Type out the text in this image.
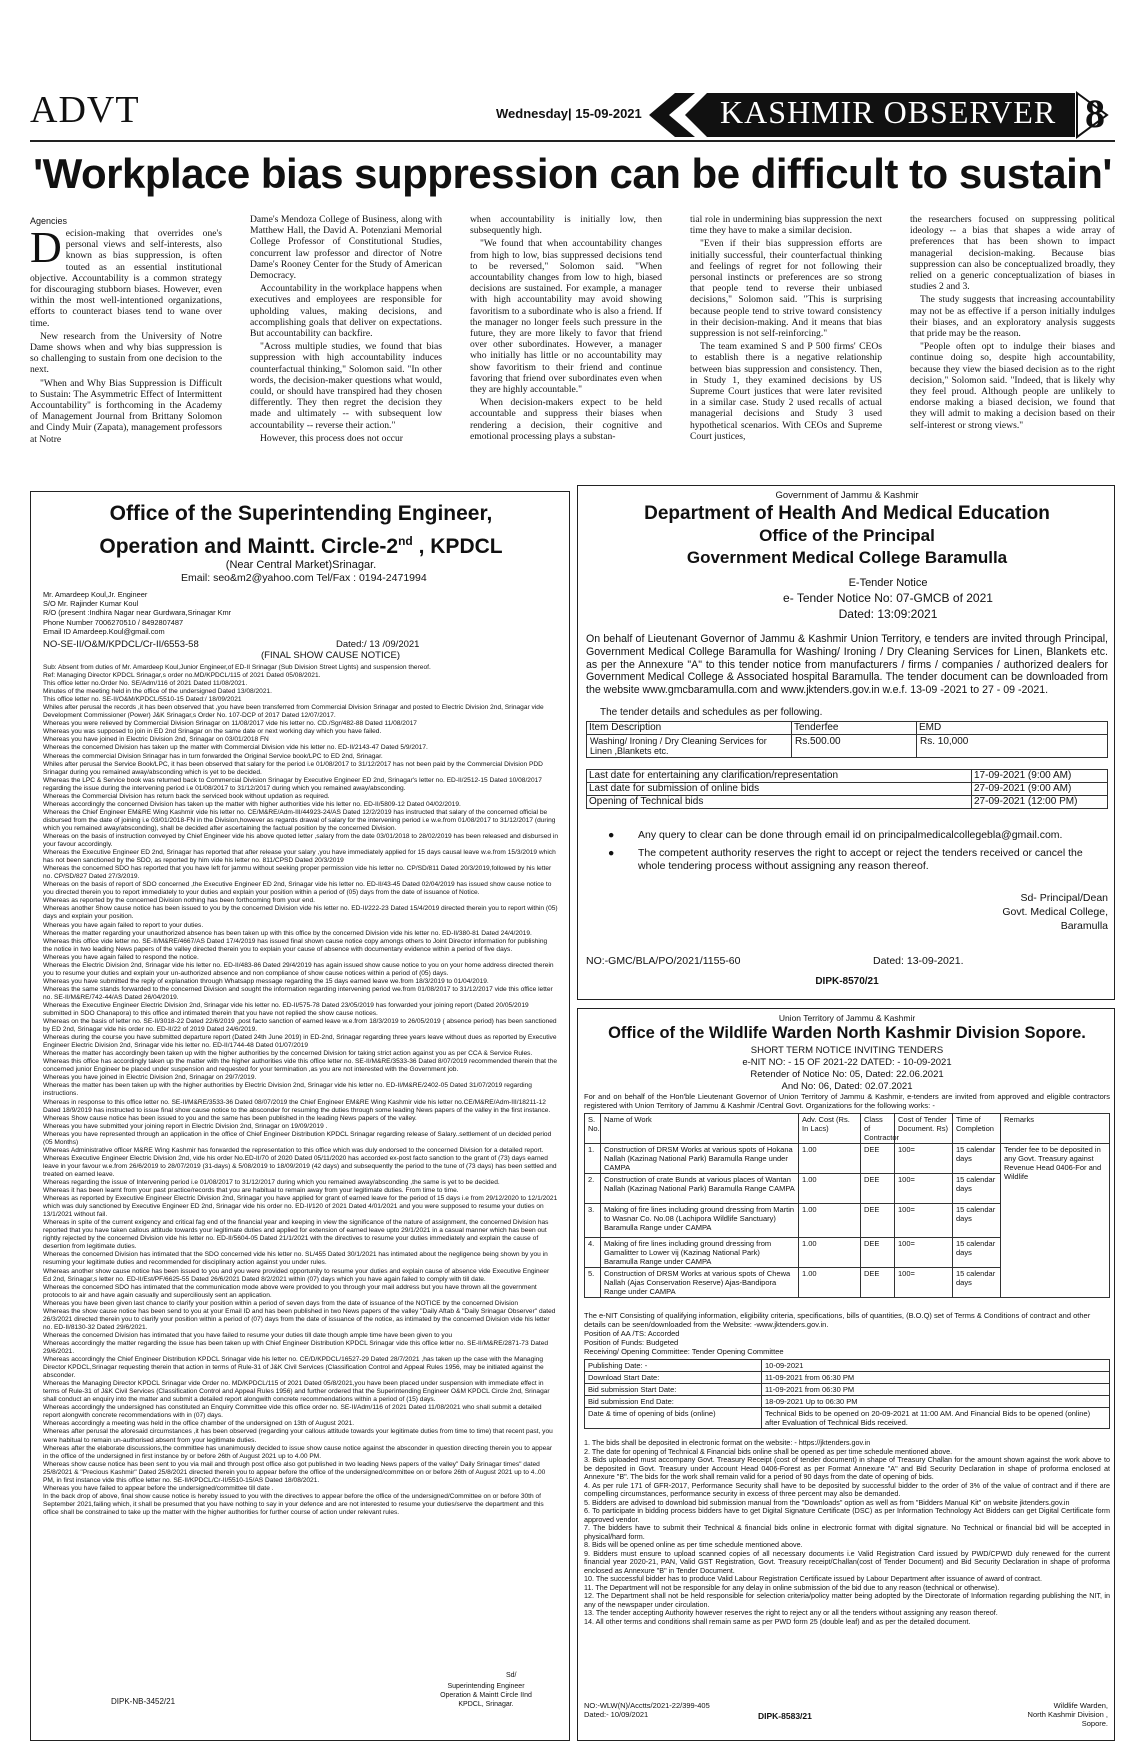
ADVT	Wednesday| 15-09-2021 KASHMIR OBSERVER 8
'Workplace bias suppression can be difficult to sustain'
Agencies
D ecision-making that overrides one's personal views and self-interests, also known as bias suppression, is often touted as an essential institutional objective. Accountability is a common strategy for discouraging stubborn biases. However, even within the most well-intentioned organizations, efforts to counteract biases tend to wane over time.

New research from the University of Notre Dame shows when and why bias suppression is so challenging to sustain from one decision to the next.

"When and Why Bias Suppression is Difficult to Sustain: The Asymmetric Effect of Intermittent Accountability" is forthcoming in the Academy of Management Journal from Brittany Solomon and Cindy Muir (Zapata), management professors at Notre

Dame's Mendoza College of Business, along with Matthew Hall, the David A. Potenziani Memorial College Professor of Constitutional Studies, concurrent law professor and director of Notre Dame's Rooney Center for the Study of American Democracy.

Accountability in the workplace happens when executives and employees are responsible for upholding values, making decisions, and accomplishing goals that deliver on expectations. But accountability can backfire.

"Across multiple studies, we found that bias suppression with high accountability induces counterfactual thinking," Solomon said. "In other words, the decision-maker questions what would, could, or should have transpired had they chosen differently. They then regret the decision they made and ultimately -- with subsequent low accountability -- reverse their action."

However, this process does not occur

when accountability is initially low, then subsequently high.

"We found that when accountability changes from high to low, bias suppressed decisions tend to be reversed," Solomon said. "When accountability changes from low to high, biased decisions are sustained. For example, a manager with high accountability may avoid showing favoritism to a subordinate who is also a friend. If the manager no longer feels such pressure in the future, they are more likely to favor that friend over other subordinates. However, a manager who initially has little or no accountability may show favoritism to their friend and continue favoring that friend over subordinates even when they are highly accountable."

When decision-makers expect to be held accountable and suppress their biases when rendering a decision, their cognitive and emotional processing plays a substan-

tial role in undermining bias suppression the next time they have to make a similar decision.

"Even if their bias suppression efforts are initially successful, their counterfactual thinking and feelings of regret for not following their personal instincts or preferences are so strong that people tend to reverse their unbiased decisions," Solomon said. "This is surprising because people tend to strive toward consistency in their decision-making. And it means that bias suppression is not self-reinforcing."

The team examined S and P 500 firms' CEOs to establish there is a negative relationship between bias suppression and consistency. Then, in Study 1, they examined decisions by US Supreme Court justices that were later revisited in a similar case. Study 2 used recalls of actual managerial decisions and Study 3 used hypothetical scenarios. With CEOs and Supreme Court justices,

the researchers focused on suppressing political ideology -- a bias that shapes a wide array of preferences that has been shown to impact managerial decision-making. Because bias suppression can also be conceptualized broadly, they relied on a generic conceptualization of biases in studies 2 and 3.

The study suggests that increasing accountability may not be as effective if a person initially indulges their biases, and an exploratory analysis suggests that pride may be the reason.

"People often opt to indulge their biases and continue doing so, despite high accountability, because they view the biased decision as to the right decision," Solomon said. "Indeed, that is likely why they feel proud. Although people are unlikely to endorse making a biased decision, we found that they will admit to making a decision based on their self-interest or strong views."

Office of the Superintending Engineer,
Operation and Maintt. Circle-2nd , KPDCL
(Near Central Market)Srinagar.
Email: seo&m2@yahoo.com Tel/Fax : 0194-2471994
Mr. Amardeep Koul,Jr. Engineer
S/O Mr. Rajinder Kumar Koul
R/O (present :Indhira Nagar near Gurdwara,Srinagar Kmr
Phone Number 7006270510 / 8492807487
Email ID Amardeep.Koul@gmail.com
NO-SE-II/O&M/KPDCL/Cr-II/6553-58	Dated:/ 13 /09/2021
(FINAL SHOW CAUSE NOTICE)

Sub: Absent from duties of Mr. Amardeep Koul,Junior Engineer,of ED-II Srinagar (Sub Division Street Lights) and suspension thereof.

Ref: Managing Director KPDCL Srinagar,s order no.MD/KPDCL/115 of 2021 Dated 05/08/2021.

This office letter no.Order No. SE/Adm/116 of 2021 Dated 11/08/2021.

Minutes of the meeting held in the office of the undersigned Dated 13/08/2021.

This office letter no. SE-II/O&M/KPDCL/5510-15 Dated:/ 18/09/2021

Whiles after perusal the records ,it has been observed that ,you have been transferred from Commercial Division Srinagar and posted to Electric Division 2nd, Srinagar vide Development Commissioner (Power) J&K Srinagar,s Order No. 107-DCP of 2017 Dated 12/07/2017.

Whereas you were relieved by Commercial Division Srinagar on 11/08/2017 vide his letter no. CD./Sgr/482-88 Dated 11/08/2017

Whereas you was supposed to join in ED 2nd Srinagar on the same date or next working day which you have failed.

Whereas you have joined in Electric Division 2nd, Srinagar on 03/01/2018 FN

Whereas the concerned Division has taken up the matter with Commercial Division vide his letter no. ED-II/2143-47 Dated 5/9/2017.

Whereas the commercial Division Srinagar has in turn forwarded the Original Service book/LPC to ED 2nd, Srinagar.

Whiles after perusal the Service Book/LPC, it has been observed that salary for the period i.e 01/08/2017 to 31/12/2017 has not been paid by the Commercial Division PDD Srinagar during you remained away/absconding which is yet to be decided.

Whereas the LPC & Service book was returned back to Commercial Division Srinagar by Executive Engineer ED 2nd, Srinagar's letter no. ED-II/2512-15 Dated 10/08/2017 regarding the issue during the intervening period i.e 01/08/2017 to 31/12/2017 during which you remained away/absconding.

Whereas the Commercial Division has return back the serviced book without updation as required.

Whereas accordingly the concerned Division has taken up the matter with higher authorities vide his letter no. ED-II/5809-12 Dated 04/02/2019.

Whereas the Chief Engineer EM&RE Wing Kashmir vide his letter no. CE/M&RE/Adm-III/44923-24/AS Dated 12/2/2019 has instructed that salary of the concerned official be disbursed from the date of joining i.e 03/01/2018-FN in the Division,however as regards drawal of salary for the intervening period i.e w.e.from 01/08/2017 to 31/12/2017 (during which you remained away/absconding), shall be decided after ascertaining the factual position by the concerned Division.

Whereas on the basis of instruction conveyed by Chief Engineer vide his above quoted letter ,salary from the date 03/01/2018 to 28/02/2019 has been released and disbursed in your favour accordingly.

Whereas the Executive Engineer ED 2nd, Srinagar has reported that after release your salary ,you have immediately applied for 15 days causal leave w.e.from 15/3/2019 which has not been sanctioned by the SDO, as reported by him vide his letter no. 811/CPSD Dated 20/3/2019

Whereas the concerned SDO has reported that you have left for jammu without seeking proper permission vide his letter no. CP/SD/811 Dated 20/3/2019,followed by his letter no. CP/SD/827 Dated 27/3/2019.

Whereas on the basis of report of SDO concerned ,the Executive Engineer ED 2nd, Srinagar vide his letter no. ED-II/43-45 Dated 02/04/2019 has issued show cause notice to you directed therein you to report immediately to your duties and explain your position within a period of (05) days from the date of issuance of Notice.

Whereas as reported by the concerned Division nothing has been forthcoming from your end.

Whereas another Show cause notice has been issued to you by the concerned Division vide his letter no. ED-II/222-23 Dated 15/4/2019 directed therein you to report within (05) days and explain your position.

Whereas you have again failed to report to your duties.

Whereas the matter regarding your unauthorized absence has been taken up with this office by the concerned Division vide his letter no. ED-II/380-81 Dated 24/4/2019.

Whereas this office vide letter no. SE-II/M&RE/4667/AS Dated 17/4/2019 has issued final shown cause notice copy amongs others to Joint Director information for publishing the notice in two leading News papers of the valley directed therein you to explain your cause of absence with documentary evidence within a period of five days.

Whereas you have again failed to respond the notice.

Whereas the Electric Division 2nd, Srinagar vide his letter no. ED-II/483-86 Dated 29/4/2019 has again issued show cause notice to you on your home address directed therein you to resume your duties and explain your un-authorized absence and non compliance of show cause notices within a period of (05) days.

Whereas you have submitted the reply of explanation through Whatsapp message regarding the 15 days earned leave we.from 18/3/2019 to 01/04/2019.

Whereas the same stands forwarded to the concerned Division and sought the information regarding intervening period we.from 01/08/2017 to 31/12/2017 vide this office letter no. SE-II/M&RE/742-44/AS Dated 26/04/2019.

Whereas the Executive Engineer Electric Division 2nd, Srinagar vide his letter no. ED-II/575-78 Dated 23/05/2019 has forwarded your joining report (Dated 20/05/2019 submitted in SDO Chanapora) to this office and intimated therein that you have not replied the show cause notices.

Whereas on the basis of letter no. SE-II/3018-22 Dated 22/6/2019 ,post facto sanction of earned leave w.e.from 18/3/2019 to 26/05/2019 ( absence period) has been sanctioned by ED 2nd, Srinagar vide his order no. ED-II/22 of 2019 Dated 24/6/2019.

Whereas during the course you have submitted departure report (Dated 24th June 2019) in ED-2nd, Srinagar regarding three years leave without dues as reported by Executive Engineer Electric Division 2nd, Srinagar vide his letter no. ED-II/1744-48 Dated 01/07/2019

Whereas the matter has accordingly been taken up with the higher authorities by the concerned Division for taking strict action against you as per CCA & Service Rules.

Whereas this office has accordingly taken up the matter with the higher authorities vide this office letter no. SE-II/M&RE/3533-36 Dated 8/07/2019 recommended therein that the concerned junior Engineer be placed under suspension and requested for your termination ,as you are not interested with the Government job.

Whereas you have joined in Electric Division 2nd, Srinagar on 29/7/2019.

Whereas the matter has been taken up with the higher authorities by Electric Division 2nd, Srinagar vide his letter no. ED-II/M&RE/2402-05 Dated 31/07/2019 regarding instructions.

Whereas in response to this office letter no. SE-II/M&RE/3533-36 Dated 08/07/2019 the Chief Engineer EM&RE Wing Kashmir vide his letter no.CE/M&RE/Adm-III/18211-12 Dated 18/9/2019 has instructed to issue final show cause notice to the absconder for resuming the duties through some leading News papers of the valley in the first instance.

Whereas Show cause notice has been issued to you and the same has been published in the leading News papers of the valley.

Whereas you have submitted your joining report in Electric Division 2nd, Srinagar on 19/09/2019 .

Whereas you have represented through an application in the office of Chief Engineer Distribution KPDCL Srinagar regarding release of Salary..settlement of un decided period (05 Months)

Whereas Administrative officer M&RE Wing Kashmir has forwarded the representation to this office which was duly endorsed to the concerned Division for a detailed report.

Whereas Executive Engineer Electric Division 2nd, vide his order No.ED-II/70 of 2020 Dated 05/11/2020 has accorded ex-post facto sanction to the grant of (73) days earned leave in your favour w.e.from 26/6/2019 to 28/07/2019 (31-days) & 5/08/2019 to 18/09/2019 (42 days) and subsequently the period to the tune of (73 days) has been settled and treated on earned leave.

Whereas regarding the issue of Intervening period i.e 01/08/2017 to 31/12/2017 during which you remained away/absconding ,the same is yet to be decided.

Whereas it has been learnt from your past practice/records that you are habitual to remain away from your legitimate duties. From time to time.

Whereas as reported by Executive Engineer Electric Division 2nd, Srinagar you have applied for grant of earned leave for the period of 15 days i.e from 29/12/2020 to 12/1/2021 which was duly sanctioned by Executive Engineer ED 2nd, Srinagar vide his order no. ED-II/120 of 2021 Dated 4/01/2021 and you were supposed to resume your duties on 13/1/2021 without fail.

Whereas in spite of the current exigency and critical fag end of the financial year and keeping in view the significance of the nature of assignment, the concerned Division has reported that you have taken callous attitude towards your legitimate duties and applied for extension of earned leave upto 29/1/2021 in a casual manner which has been out rightly rejected by the concerned Division vide his letter no. ED-II/5604-05 Dated 21/1/2021 with the directives to resume your duties immediately and explain the cause of desertion from legitimate duties.

Whereas the concerned Division has intimated that the SDO concerned vide his letter no. SL/455 Dated 30/1/2021 has intimated about the negligence being shown by you in resuming your legitimate duties and recommended for disciplinary action against you under rules.

Whereas another show cause notice has been issued to you and you were provided opportunity to resume your duties and explain cause of absence vide Executive Engineer Ed 2nd, Srinagar,s letter no. ED-II/Est/PF/6625-55 Dated 26/6/2021 Dated 8/2/2021 within (07) days which you have again failed to comply with till date.

Whereas the concerned SDO has intimated that the communication mode above were provided to you through your mail address but you have thrown all the government protocols to air and have again casually and superciliously sent an application.

Whereas you have been given last chance to clarify your position within a period of seven days from the date of issuance of the NOTICE by the concerned Division

Whereas the show cause notice has been send to you at your Email ID and has been published in two News papers of the valley "Daily Aftab & "Daily Srinagar Observer" dated 26/3/2021 directed therein you to clarify your position within a period of (07) days from the date of issuance of the notice, as intimated by the concerned Division vide his letter no. ED-II/8130-32 Dated 29/6/2021.

Whereas the concerned Division has intimated that you have failed to resume your duties till date though ample time have been given to you

Whereas accordingly the matter regarding the issue has been taken up with Chief Engineer Distribution KPDCL Srinagar vide this office letter no. SE-II/M&RE/2871-73 Dated 29/6/2021.

Whereas accordingly the Chief Engineer Distribution KPDCL Srinagar vide his letter no. CE/D/KPDCL/16527-29 Dated 28/7/2021 ,has taken up the case with the Managing Director KPDCL,Srinagar requesting therein that action in terms of Rule-31 of J&K Civil Services (Classification Control and Appeal Rules 1956, may be initiated against the absconder.

Whereas the Managing Director KPDCL Srinagar vide Order no. MD/KPDCL/115 of 2021 Dated 05/8/2021,you have been placed under suspension with immediate effect in terms of Rule-31 of J&K Civil Services (Classification Control and Appeal Rules 1956) and further ordered that the Superintending Engineer O&M KPDCL Circle 2nd, Srinagar shall conduct an enquiry into the matter and submit a detailed report alongwith concrete recommendations within a period of (15) days.

Whereas accordingly the undersigned has constituted an Enquiry Committee vide this office order no. SE-II/Adm/116 of 2021 Dated 11/08/2021 who shall submit a detailed report alongwith concrete recommendations with in (07) days.

Whereas accordingly a meeting was held in the office chamber of the undersigned on 13th of August 2021.

Whereas after perusal the aforesaid circumstances ,it has been observed (regarding your callous attitude towards your legitimate duties from time to time) that recent past, you were habitual to remain un-authorised absent from your legitimate duties.

Whereas after the elaborate discussions,the committee has unanimously decided to issue show cause notice against the absconder in question directing therein you to appear in the office of the undersigned in first instance by or before 26th of August 2021 up to 4.00 PM.

Whereas show cause notice has been sent to you via mail and through post office also got published in two leading News papers of the valley" Daily Srinagar times" dated 25/8/2021 & "Precious Kashmir" Dated 25/8/2021 directed therein you to appear before the office of the undersigned/committee on or before 26th of August 2021 up to 4..00 PM, in first instance vide this office letter no. SE-II/KPDCL/Cr-II/5510-15/AS Dated 18/08/2021.

Whereas you have failed to appear before the undersigned/committee till date .

In the back drop of above, final show cause notice is hereby issued to you with the directives to appear before the office of the undersigned/Committee on or before 30th of September 2021,failing which, it shall be presumed that you have nothing to say in your defence and are not interested to resume your duties/serve the department and this office shall be constrained to take up the matter with the higher authorities for further course of action under relevant rules.

Sd/
Superintending Engineer
Operation & Maintt Circle IInd
KPDCL, Srinagar.
DIPK-NB-3452/21
Government of Jammu & Kashmir
Department of Health And Medical Education
Office of the Principal
Government Medical College Baramulla
E-Tender Notice
e- Tender Notice No: 07-GMCB of 2021
Dated: 13:09:2021
On behalf of Lieutenant Governor of Jammu & Kashmir Union Territory, e tenders are invited through Principal, Government Medical College Baramulla for Washing/ Ironing / Dry Cleaning Services for Linen, Blankets etc. as per the Annexure "A" to this tender notice from manufacturers / firms / companies / authorized dealers for Government Medical College & Associated hospital Baramulla. The tender document can be downloaded from the website www.gmcbaramulla.com and www.jktenders.gov.in w.e.f. 13-09 -2021 to 27 - 09 -2021.
The tender details and schedules as per following.
Item Description	Tenderfee	EMD
Washing/ Ironing / Dry Cleaning Services for Linen ,Blankets etc.	Rs.500.00	Rs. 10,000
Last date for entertaining any clarification/representation	17-09-2021 (9:00 AM)
Last date for submission of online bids	27-09-2021 (9:00 AM)
Opening of Technical bids	27-09-2021 (12:00 PM)
● Any query to clear can be done through email id on principalmedicalcollegebla@gmail.com.
● The competent authority reserves the right to accept or reject the tenders received or cancel the whole tendering process without assigning any reason thereof.
Sd- Principal/Dean
Govt. Medical College,
Baramulla
NO:-GMC/BLA/PO/2021/1155-60	Dated: 13-09-2021.
DIPK-8570/21
Union Territory of Jammu & Kashmir
Office of the Wildlife Warden North Kashmir Division Sopore.
SHORT TERM NOTICE INVITING TENDERS
e-NIT NO: - 15 OF 2021-22 DATED: - 10-09-2021
Retender of Notice No: 05, Dated: 22.06.2021
And No: 06, Dated: 02.07.2021
For and on behalf of the Hon'ble Lieutenant Governor of Union Territory of Jammu & Kashmir, e-tenders are invited from approved and eligible contractors registered with Union Territory of Jammu & Kashmir /Central Govt. Organizations for the following works: -
S. No.	Name of Work	Adv. Cost (Rs. In Lacs)	Class of Contractor	Cost of Tender Document. Rs)	Time of Completion	Remarks
1.	Construction of DRSM Works at various spots of Hokana Nallah (Kazinag National Park) Baramulla Range under CAMPA	1.00	DEE	100=	15 calendar days	Tender fee to be deposited in any Govt. Treasury against Revenue Head 0406-For and Wildlife
2.	Construction of crate Bunds at various places of Wantan Nallah (Kazinag National Park) Baramulla Range CAMPA	1.00	DEE	100=	15 calendar days	
3.	Making of fire lines including ground dressing from Martin to Wasnar Co. No.08 (Lachipora Wildlife Sanctuary) Baramulla Range under CAMPA	1.00	DEE	100=	15 calendar days	
4.	Making of fire lines including ground dressing from Gamalitter to Lower vij (Kazinag National Park) Baramulla Range under CAMPA	1.00	DEE	100=	15 calendar days	
5.	Construction of DRSM Works at various spots of Chewa Nallah (Ajas Conservation Reserve) Ajas-Bandipora Range under CAMPA	1.00	DEE	100=	15 calendar days	
The e-NIT Consisting of qualifying information, eligibility criteria, specifications, bills of quantities, (B.O.Q) set of Terms & Conditions of contract and other details can be seen/downloaded from the Website: -www.jktenders.gov.in.
Position of AA /TS: Accorded
Position of Funds: Budgeted
Receiving/ Opening Committee: Tender Opening Committee
Publishing Date: -	10-09-2021
Download Start Date:	11-09-2021 from 06:30 PM
Bid submission Start Date:	11-09-2021 from 06:30 PM
Bid submission End Date:	18-09-2021 Up to 06:30 PM
Date & time of opening of bids (online)	Technical Bids to be opened on 20-09-2021 at 11:00 AM. And Financial Bids to be opened (online) after Evaluation of Technical Bids received.
1. The bids shall be deposited in electronic format on the website: - https://jktenders.gov.in
2. The date for opening of Technical & Financial bids online shall be opened as per time schedule mentioned above.
3. Bids uploaded must accompany Govt. Treasury Receipt (cost of tender document) in shape of Treasury Challan for the amount shown against the work above to be deposited in Govt. Treasury under Account Head 0406-Forest as per Format Annexure "A" and Bid Security Declaration in shape of proforma enclosed at Annexure "B". The bids for the work shall remain valid for a period of 90 days from the date of opening of bids.
4. As per rule 171 of GFR-2017, Performance Security shall have to be deposited by successful bidder to the order of 3% of the value of contract and if there are compelling circumstances, performance security in excess of three percent may also be demanded.
5. Bidders are advised to download bid submission manual from the "Downloads" option as well as from "Bidders Manual Kit" on website jktenders.gov.in
6. To participate in bidding process bidders have to get Digital Signature Certificate (DSC) as per Information Technology Act Bidders can get Digital Certificate form approved vendor.
7. The bidders have to submit their Technical & financial bids online in electronic format with digital signature. No Technical or financial bid will be accepted in physical/hard form.
8. Bids will be opened online as per time schedule mentioned above.
9. Bidders must ensure to upload scanned copies of all necessary documents i.e Valid Registration Card issued by PWD/CPWD duly renewed for the current financial year 2020-21, PAN, Valid GST Registration, Govt. Treasury receipt/Challan(cost of Tender Document) and Bid Security Declaration in shape of proforma enclosed as Annexure "B" in Tender Document.
10. The successful bidder has to produce Valid Labour Registration Certificate issued by Labour Department after issuance of award of contract.
11. The Department will not be responsible for any delay in online submission of the bid due to any reason (technical or otherwise).
12. The Department shall not be held responsible for selection criteria/policy matter being adopted by the Directorate of Information regarding publishing the NIT, in any of the newspaper under circulation.
13. The tender accepting Authority however reserves the right to reject any or all the tenders without assigning any reason thereof.
14. All other terms and conditions shall remain same as per PWD form 25 (double leaf) and as per the detailed document.
NO:-WLW(N)/Acctts/2021-22/399-405
Dated:- 10/09/2021	DIPK-8583/21
Wildlife Warden,
North Kashmir Division ,
Sopore.
